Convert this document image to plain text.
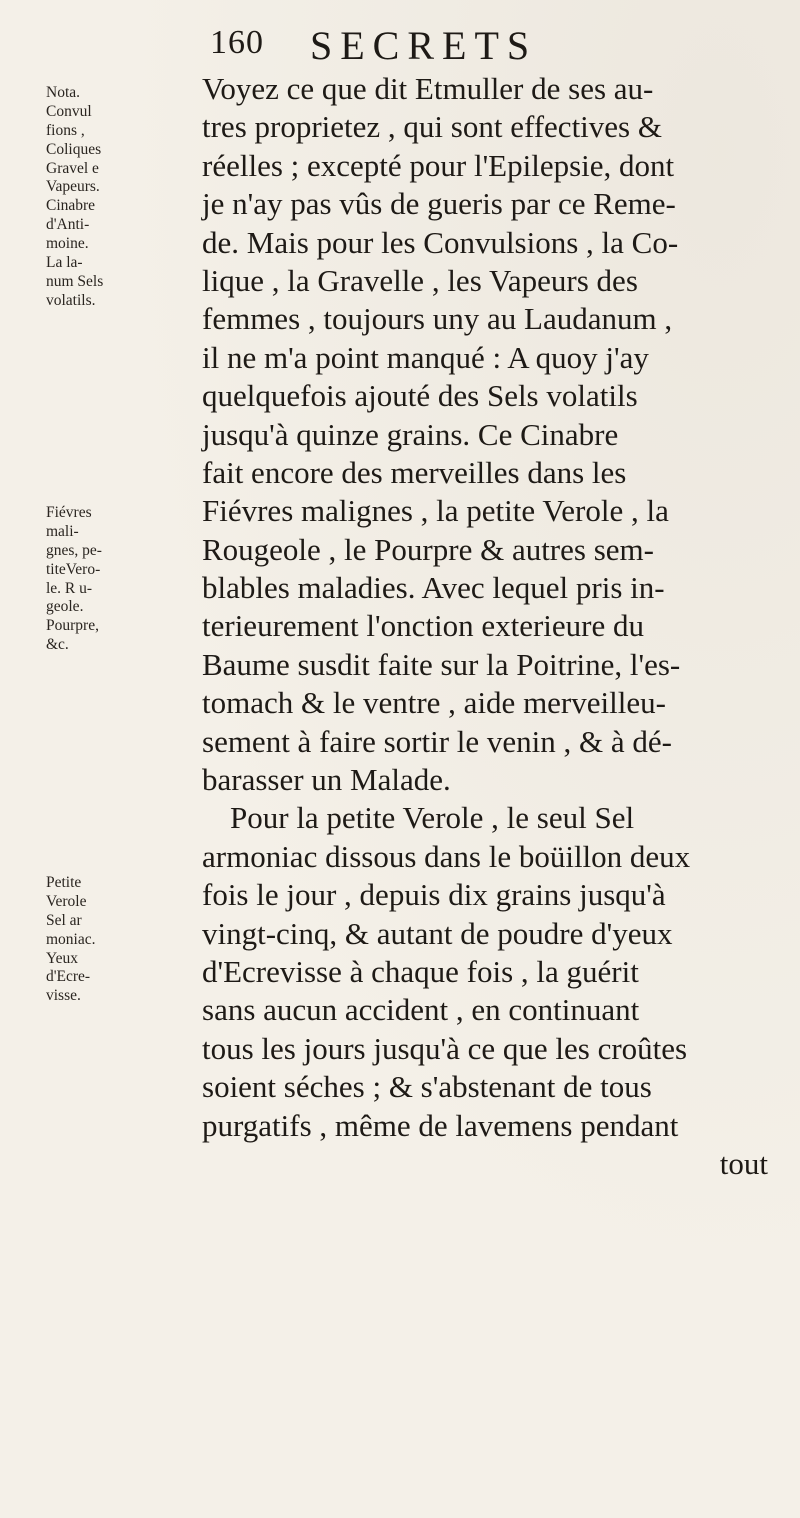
160 SECRETS
Nota.
Convul
fions ,
Coliques
Gravel e
Vapeurs.
Cinabre
d'Anti-
moine.
La la-
num Sels
volatils.
Fiévres
mali-
gnes, pe-
titeVero-
le. R u-
geole.
Pourpre,
&c.
Petite
Verole
Sel ar
moniac.
Yeux
d'Ecre-
visse.
Voyez ce que dit Etmuller de ses au-
tres proprietez , qui sont effectives &
réelles ; excepté pour l'Epilepsie, dont
je n'ay pas vûs de gueris par ce Reme-
de. Mais pour les Convulsions , la Co-
lique , la Gravelle , les Vapeurs des
femmes , toujours uny au Laudanum ,
il ne m'a point manqué : A quoy j'ay
quelquefois ajouté des Sels volatils
jusqu'à quinze grains. Ce Cinabre
fait encore des merveilles dans les
Fiévres malignes , la petite Verole , la
Rougeole , le Pourpre & autres sem-
blables maladies. Avec lequel pris in-
terieurement l'onction exterieure du
Baume susdit faite sur la Poitrine, l'es-
tomach & le ventre , aide merveilleu-
sement à faire sortir le venin , & à dé-
barasser un Malade.
Pour la petite Verole , le seul Sel
armoniac dissous dans le boüillon deux
fois le jour , depuis dix grains jusqu'à
vingt-cinq, & autant de poudre d'yeux
d'Ecrevisse à chaque fois , la guérit
sans aucun accident , en continuant
tous les jours jusqu'à ce que les croûtes
soient séches ; & s'abstenant de tous
purgatifs , même de lavemens pendant
tout
